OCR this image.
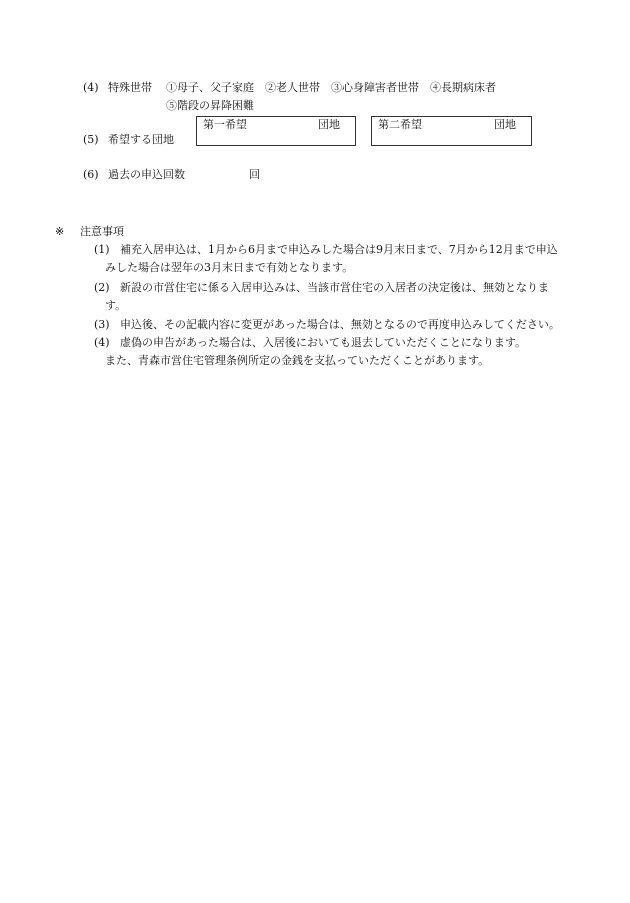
(4) 特殊世帯 ①母子、父子家庭　②老人世帯　③心身障害者世帯　④長期病床者
⑤階段の昇降困難
(5) 希望する団地
第一希望	団地	第二希望	団地
(6) 過去の申込回数	回
※ 注意事項
(1) 補充入居申込は、1月から6月まで申込みした場合は9月末日まで、7月から12月まで申込
みした場合は翌年の3月末日まで有効となります。
(2) 新設の市営住宅に係る入居申込みは、当該市営住宅の入居者の決定後は、無効となりま
す。
(3) 申込後、その記載内容に変更があった場合は、無効となるので再度申込みしてください。
(4) 虚偽の申告があった場合は、入居後においても退去していただくことになります。
また、青森市営住宅管理条例所定の金銭を支払っていただくことがあります。
